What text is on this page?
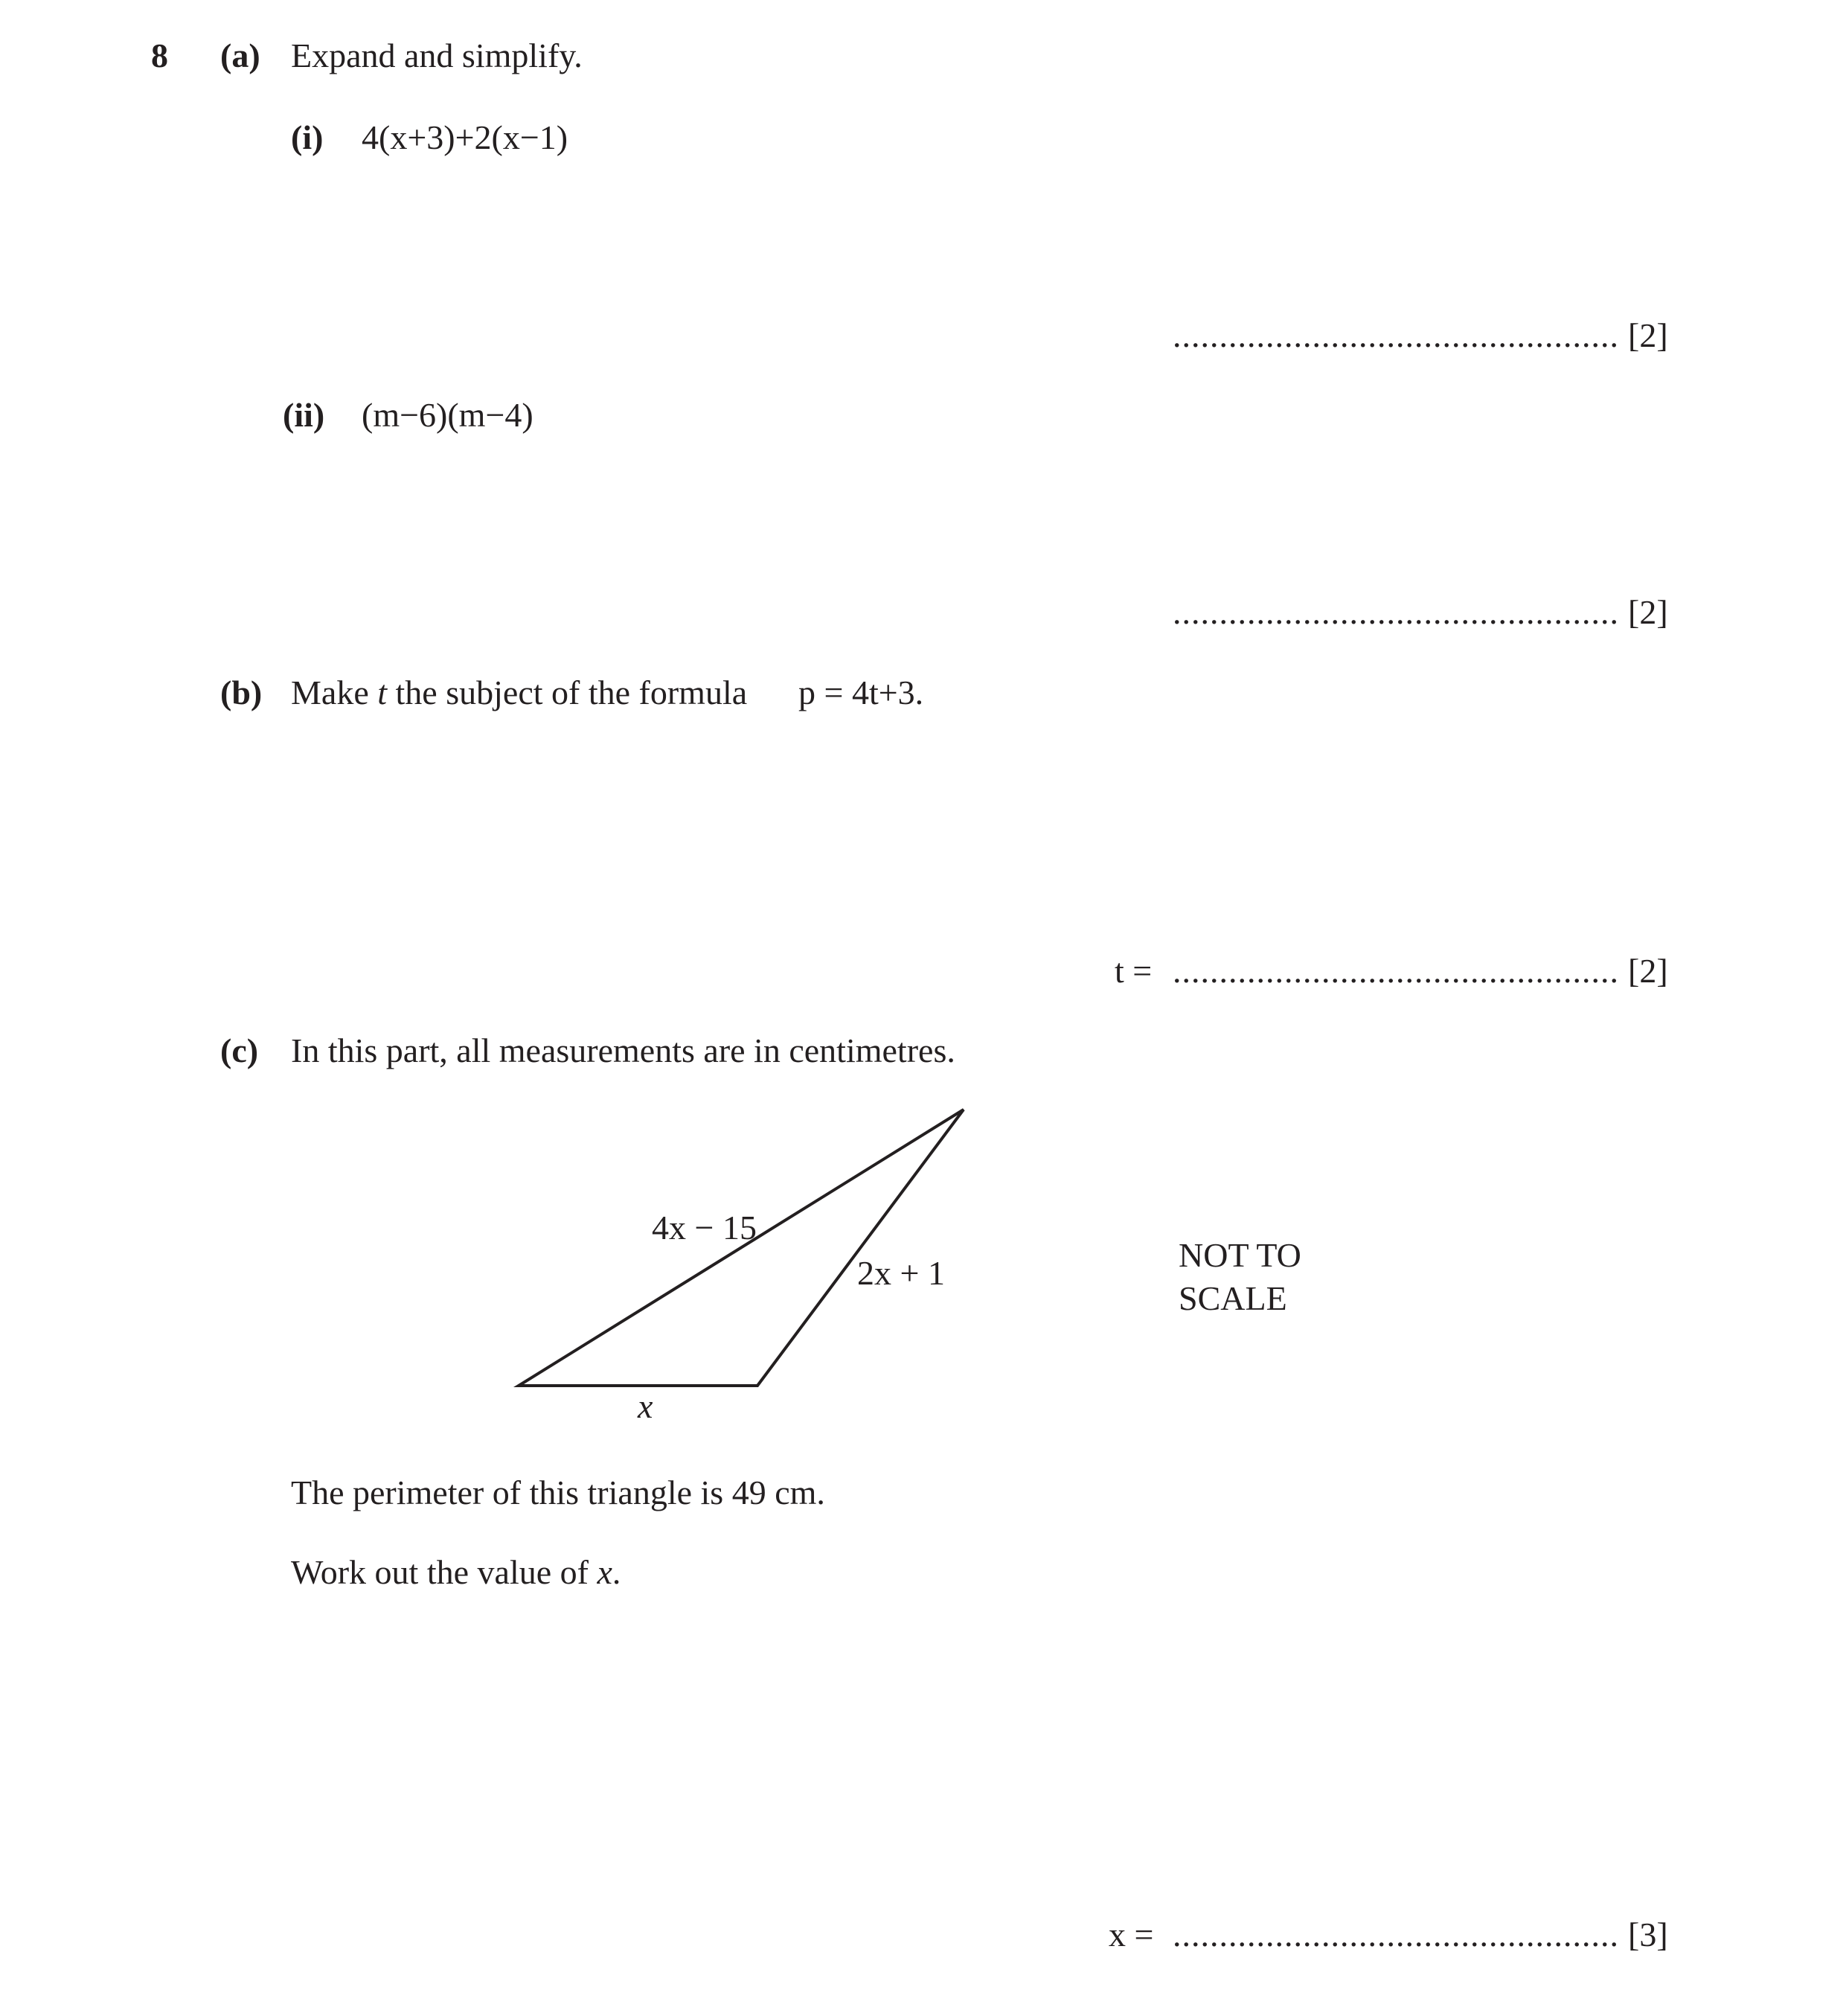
8 (a) Expand and simplify.
(i) 4(x+3)+2(x−1)
................................................ [2]
(ii) (m−6)(m−4)
................................................ [2]
(b) Make t the subject of the formula p = 4t+3.
t = ................................................ [2]
(c) In this part, all measurements are in centimetres.
4x − 15
2x + 1
x
NOT TO
SCALE
The perimeter of this triangle is 49 cm.
Work out the value of x.
x = ................................................ [3]
